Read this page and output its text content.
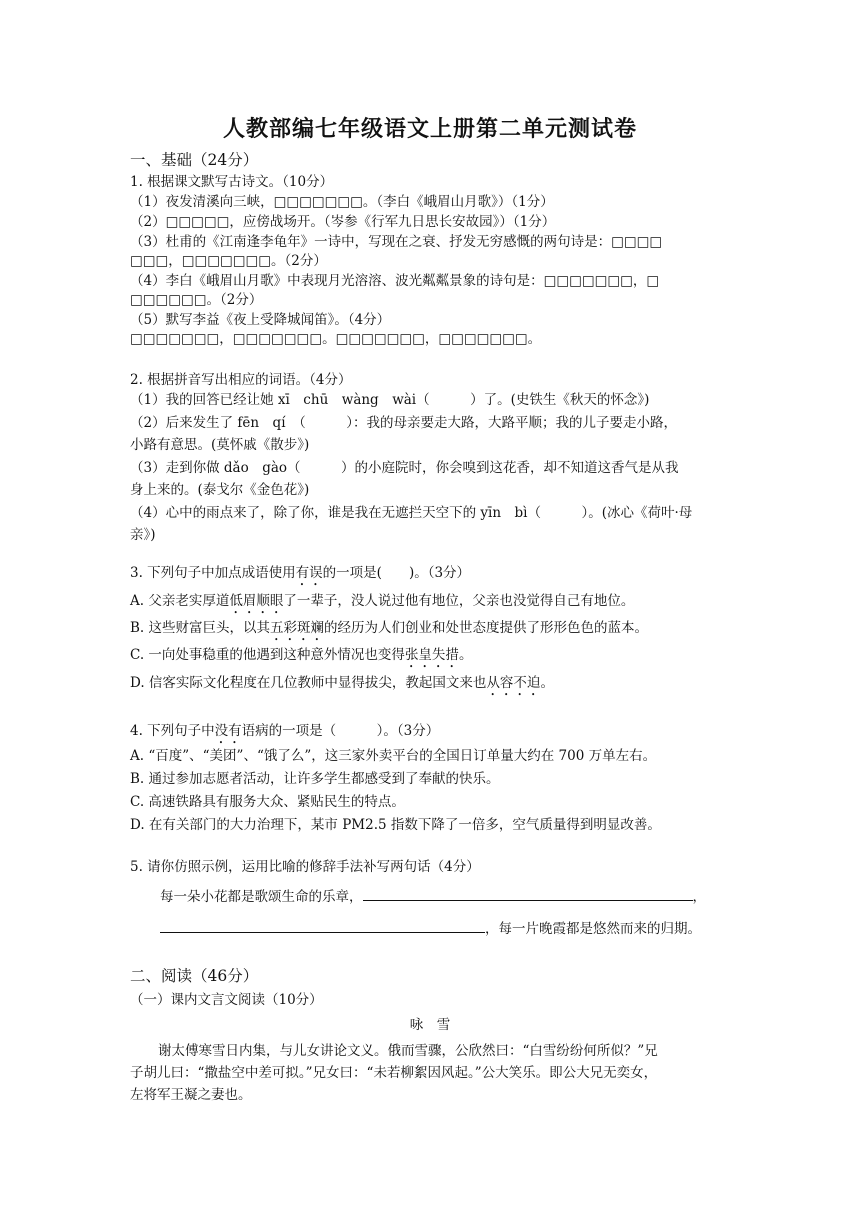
人教部编七年级语文上册第二单元测试卷
一、基础（24分）
1. 根据课文默写古诗文。（10分）
（1）夜发清溪向三峡，□□□□□□□。（李白《峨眉山月歌》）（1分）
（2）□□□□□，应傍战场开。（岑参《行军九日思长安故园》）（1分）
（3）杜甫的《江南逢李龟年》一诗中，写现在之衰、抒发无穷感慨的两句诗是：□□□□
□□□，□□□□□□□。（2分）
（4）李白《峨眉山月歌》中表现月光溶溶、波光粼粼景象的诗句是：□□□□□□□，□
□□□□□□。（2分）
（5）默写李益《夜上受降城闻笛》。（4分）
□□□□□□□，□□□□□□□。□□□□□□□，□□□□□□□。
2. 根据拼音写出相应的词语。（4分）
（1）我的回答已经让她 xī　chū　wàng　wài（　　　）了。(史铁生《秋天的怀念》)
（2）后来发生了 fēn　qí　（　　　）：我的母亲要走大路，大路平顺；我的儿子要走小路，
小路有意思。(莫怀戚《散步》)
（3）走到你做 dǎo　gào（　　　）的小庭院时，你会嗅到这花香，却不知道这香气是从我
身上来的。(泰戈尔《金色花》)
（4）心中的雨点来了，除了你，谁是我在无遮拦天空下的 yīn　bì（　　　）。(冰心《荷叶·母
亲》)
3. 下列句子中加点成语使用有误的一项是(　　)。（3分）
A. 父亲老实厚道低眉顺眼了一辈子，没人说过他有地位，父亲也没觉得自己有地位。
B. 这些财富巨头，以其五彩斑斓的经历为人们创业和处世态度提供了形形色色的蓝本。
C. 一向处事稳重的他遇到这种意外情况也变得张皇失措。
D. 信客实际文化程度在几位教师中显得拔尖，教起国文来也从容不迫。
4. 下列句子中没有语病的一项是（　　　）。（3分）
A. “百度”、“美团”、“饿了么”，这三家外卖平台的全国日订单量大约在 700 万单左右。
B. 通过参加志愿者活动，让许多学生都感受到了奉献的快乐。
C. 高速铁路具有服务大众、紧贴民生的特点。
D. 在有关部门的大力治理下，某市 PM2.5 指数下降了一倍多，空气质量得到明显改善。
5. 请你仿照示例，运用比喻的修辞手法补写两句话（4分）
每一朵小花都是歌颂生命的乐章，	，
，每一片晚霞都是悠然而来的归期。
二、阅读（46分）
（一）课内文言文阅读（10分）
咏　雪
谢太傅寒雪日内集，与儿女讲论文义。俄而雪骤，公欣然曰：“白雪纷纷何所似？”兄
子胡儿曰：“撒盐空中差可拟。”兄女曰：“未若柳絮因风起。”公大笑乐。即公大兄无奕女，
左将军王凝之妻也。
